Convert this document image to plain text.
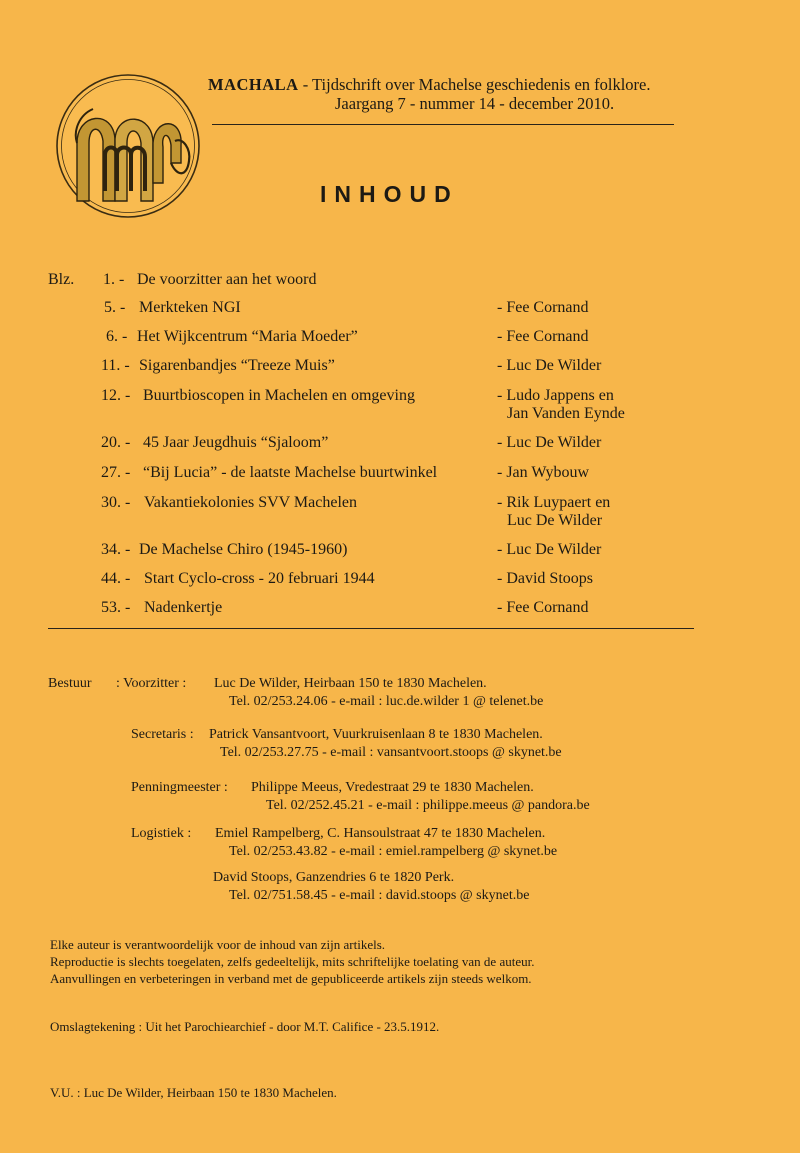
MACHALA - Tijdschrift over Machelse geschiedenis en folklore.
Jaargang 7 - nummer 14 - december 2010.
INHOUD
Blz. 1. - De voorzitter aan het woord
5. - Merkteken NGI	- Fee Cornand
6. - Het Wijkcentrum “Maria Moeder”	- Fee Cornand
11. - Sigarenbandjes “Treeze Muis”	- Luc De Wilder
12. - Buurtbioscopen in Machelen en omgeving	- Ludo Jappens en
Jan Vanden Eynde
20. - 45 Jaar Jeugdhuis “Sjaloom”	- Luc De Wilder
27. - “Bij Lucia” - de laatste Machelse buurtwinkel	- Jan Wybouw
30. - Vakantiekolonies SVV Machelen	- Rik Luypaert en
Luc De Wilder
34. - De Machelse Chiro (1945-1960)	- Luc De Wilder
44. - Start Cyclo-cross - 20 februari 1944	- David Stoops
53. - Nadenkertje	- Fee Cornand
Bestuur : Voorzitter : Luc De Wilder, Heirbaan 150 te 1830 Machelen.
Tel. 02/253.24.06 - e-mail : luc.de.wilder 1 @ telenet.be
Secretaris : Patrick Vansantvoort, Vuurkruisenlaan 8 te 1830 Machelen.
Tel. 02/253.27.75 - e-mail : vansantvoort.stoops @ skynet.be
Penningmeester : Philippe Meeus, Vredestraat 29 te 1830 Machelen.
Tel. 02/252.45.21 - e-mail : philippe.meeus @ pandora.be
Logistiek : Emiel Rampelberg, C. Hansoulstraat 47 te 1830 Machelen.
Tel. 02/253.43.82 - e-mail : emiel.rampelberg @ skynet.be
David Stoops, Ganzendries 6 te 1820 Perk.
Tel. 02/751.58.45 - e-mail : david.stoops @ skynet.be
Elke auteur is verantwoordelijk voor de inhoud van zijn artikels.
Reproductie is slechts toegelaten, zelfs gedeeltelijk, mits schriftelijke toelating van de auteur.
Aanvullingen en verbeteringen in verband met de gepubliceerde artikels zijn steeds welkom.
Omslagtekening : Uit het Parochiearchief - door M.T. Califice - 23.5.1912.
V.U. : Luc De Wilder, Heirbaan 150 te 1830 Machelen.
